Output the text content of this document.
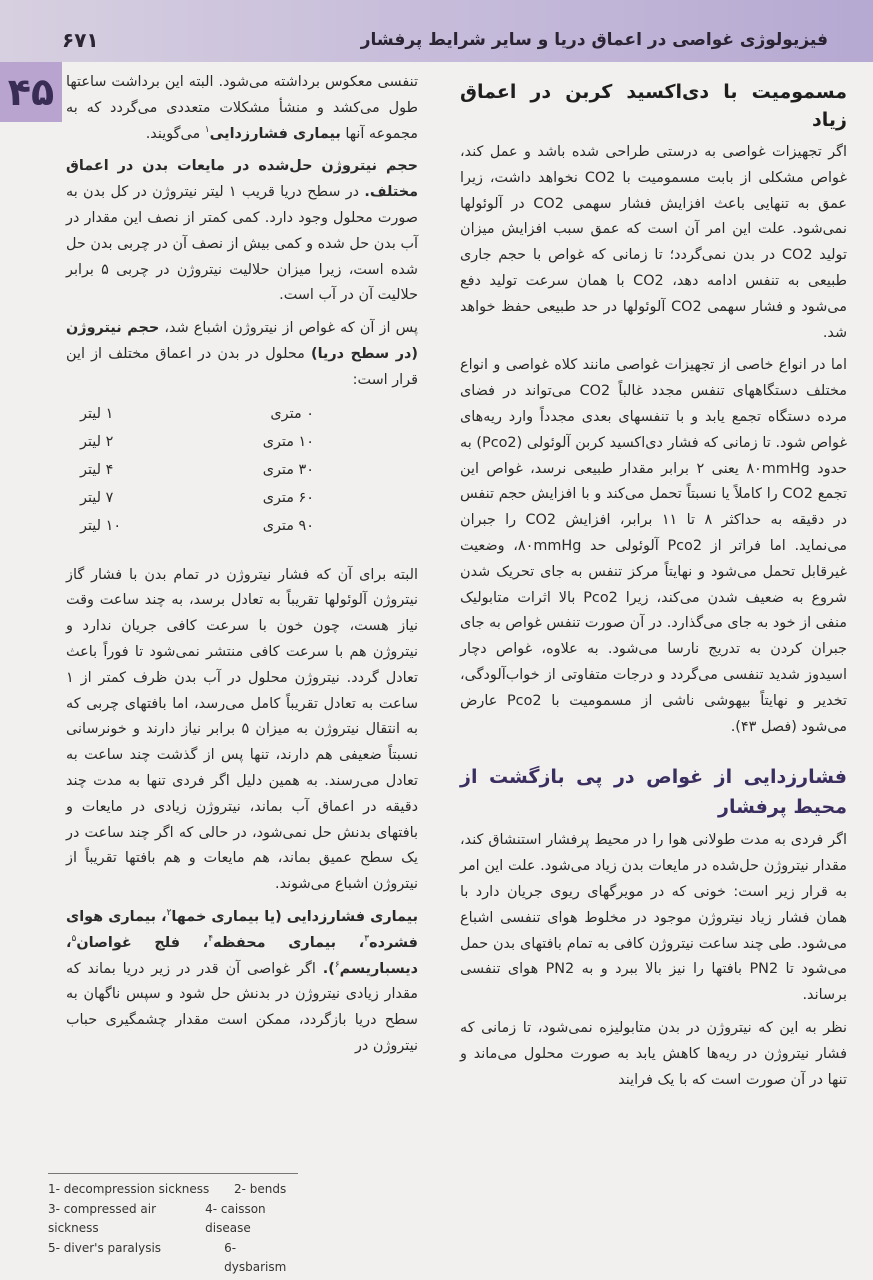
فیزیولوژی غواصی در اعماق دریا و سایر شرایط پرفشار
۶۷۱
۴۵	مسمومیت با دی‌اکسید کربن در اعماق زیاد

اگر تجهیزات غواصی به درستی طراحی شده باشد و عمل کند، غواص مشکلی از بابت مسمومیت با CO2 نخواهد داشت، زیرا عمق به تنهایی باعث افزایش فشار سهمی CO2 در آلوئولها نمی‌شود. علت این امر آن است که عمق سبب افزایش میزان تولید CO2 در بدن نمی‌گردد؛ تا زمانی که غواص با حجم جاری طبیعی به تنفس ادامه دهد، CO2 با همان سرعت تولید دفع می‌شود و فشار سهمی CO2 آلوئولها در حد طبیعی حفظ خواهد شد.

اما در انواع خاصی از تجهیزات غواصی مانند کلاه غواصی و انواع مختلف دستگاههای تنفس مجدد غالباً CO2 می‌تواند در فضای مرده دستگاه تجمع یابد و با تنفسهای بعدی مجدداً وارد ریه‌های غواص شود. تا زمانی که فشار دی‌اکسید کربن آلوئولی (Pco2) به حدود ۸۰mmHg یعنی ۲ برابر مقدار طبیعی نرسد، غواص این تجمع CO2 را کاملاً یا نسبتاً تحمل می‌کند و با افزایش حجم تنفس در دقیقه به حداکثر ۸ تا ۱۱ برابر، افزایش CO2 را جبران می‌نماید. اما فراتر از Pco2 آلوئولی حد ۸۰mmHg، وضعیت غیرقابل تحمل می‌شود و نهایتاً مرکز تنفس به جای تحریک شدن شروع به ضعیف شدن می‌کند، زیرا Pco2 بالا اثرات متابولیک منفی از خود به جای می‌گذارد. در آن صورت تنفس غواص به جای جبران کردن به تدریج نارسا می‌شود. به علاوه، غواص دچار اسیدوز شدید تنفسی می‌گردد و درجات متفاوتی از خواب‌آلودگی، تخدیر و نهایتاً بیهوشی ناشی از مسمومیت با Pco2 عارض می‌شود (فصل ۴۳).

فشارزدایی از غواص در پی بازگشت از محیط پرفشار

اگر فردی به مدت طولانی هوا را در محیط پرفشار استنشاق کند، مقدار نیتروژن حل‌شده در مایعات بدن زیاد می‌شود. علت این امر به قرار زیر است: خونی که در مویرگهای ریوی جریان دارد با همان فشار زیاد نیتروژن موجود در مخلوط هوای تنفسی اشباع می‌شود. طی چند ساعت نیتروژن کافی به تمام بافتهای بدن حمل می‌شود تا PN2 بافتها را نیز بالا ببرد و به PN2 هوای تنفسی برساند.

نظر به این که نیتروژن در بدن متابولیزه نمی‌شود، تا زمانی که فشار نیتروژن در ریه‌ها کاهش یابد به صورت محلول می‌ماند و تنها در آن صورت است که با یک فرایند

تنفسی معکوس برداشته می‌شود. البته این برداشت ساعتها طول می‌کشد و منشأ مشکلات متعددی می‌گردد که به مجموعه آنها بیماری فشارزدایی$^۱$ می‌گویند.

حجم نیتروژن حل‌شده در مایعات بدن در اعماق مختلف. در سطح دریا قریب ۱ لیتر نیتروژن در کل بدن به صورت محلول وجود دارد. کمی کمتر از نصف این مقدار در آب بدن حل شده و کمی بیش از نصف آن در چربی بدن حل شده است، زیرا میزان حلالیت نیتروژن در چربی ۵ برابر حلالیت آن در آب است.

پس از آن که غواص از نیتروژن اشباع شد، حجم نیتروژن (در سطح دریا) محلول در بدن در اعماق مختلف از این قرار است:

۰ متری	۱ لیتر
۱۰ متری	۲ لیتر
۳۰ متری	۴ لیتر
۶۰ متری	۷ لیتر
۹۰ متری	۱۰ لیتر

البته برای آن که فشار نیتروژن در تمام بدن با فشار گاز نیتروژن آلوئولها تقریباً به تعادل برسد، به چند ساعت وقت نیاز هست، چون خون با سرعت کافی جریان ندارد و نیتروژن هم با سرعت کافی منتشر نمی‌شود تا فوراً باعث تعادل گردد. نیتروژن محلول در آب بدن ظرف کمتر از ۱ ساعت به تعادل تقریباً کامل می‌رسد، اما بافتهای چربی که به انتقال نیتروژن به میزان ۵ برابر نیاز دارند و خونرسانی نسبتاً ضعیفی هم دارند، تنها پس از گذشت چند ساعت به تعادل می‌رسند. به همین دلیل اگر فردی تنها به مدت چند دقیقه در اعماق آب بماند، نیتروژن زیادی در مایعات و بافتهای بدنش حل نمی‌شود، در حالی که اگر چند ساعت در یک سطح عمیق بماند، هم مایعات و هم بافتها تقریباً از نیتروژن اشباع می‌شوند.

بیماری فشارزدایی (یا بیماری خمها$^۲$، بیماری هوای فشرده$^۳$، بیماری محفظه$^۴$، فلج غواصان$^۵$، دیسباریسم$^۶$). اگر غواصی آن قدر در زیر دریا بماند که مقدار زیادی نیتروژن در بدنش حل شود و سپس ناگهان به سطح دریا بازگردد، ممکن است مقدار چشمگیری حباب نیتروژن در

1- decompression sickness	2- bends
3- compressed air sickness
4- caisson disease
5- diver's paralysis	6- dysbarism
